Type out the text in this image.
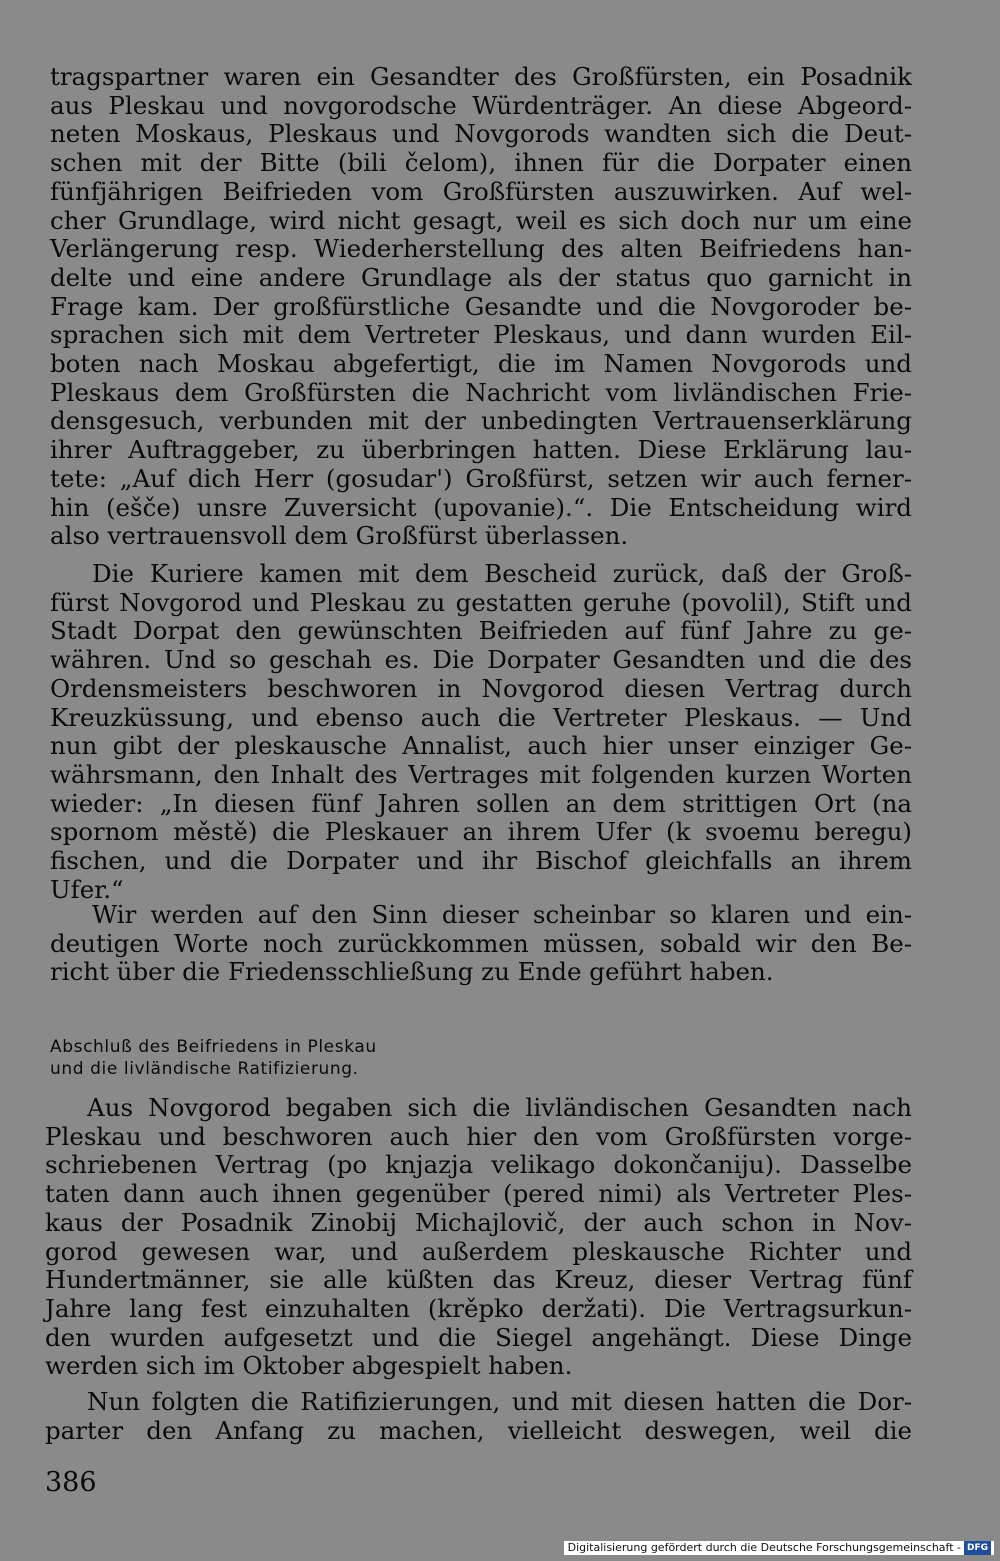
tragspartner waren ein Gesandter des Großfürsten, ein Posadnik
aus Pleskau und novgorodsche Würdenträger. An diese Abgeord-
neten Moskaus, Pleskaus und Novgorods wandten sich die Deut-
schen mit der Bitte (bili čelom), ihnen für die Dorpater einen
fünfjährigen Beifrieden vom Großfürsten auszuwirken. Auf wel-
cher Grundlage, wird nicht gesagt, weil es sich doch nur um eine
Verlängerung resp. Wiederherstellung des alten Beifriedens han-
delte und eine andere Grundlage als der status quo garnicht in
Frage kam. Der großfürstliche Gesandte und die Novgoroder be-
sprachen sich mit dem Vertreter Pleskaus, und dann wurden Eil-
boten nach Moskau abgefertigt, die im Namen Novgorods und
Pleskaus dem Großfürsten die Nachricht vom livländischen Frie-
densgesuch, verbunden mit der unbedingten Vertrauenserklärung
ihrer Auftraggeber, zu überbringen hatten. Diese Erklärung lau-
tete: „Auf dich Herr (gosudar') Großfürst, setzen wir auch ferner-
hin (ešče) unsre Zuversicht (upovanie).“. Die Entscheidung wird
also vertrauensvoll dem Großfürst überlassen.

Die Kuriere kamen mit dem Bescheid zurück, daß der Groß-
fürst Novgorod und Pleskau zu gestatten geruhe (povolil), Stift und
Stadt Dorpat den gewünschten Beifrieden auf fünf Jahre zu ge-
währen. Und so geschah es. Die Dorpater Gesandten und die des
Ordensmeisters beschworen in Novgorod diesen Vertrag durch
Kreuzküssung, und ebenso auch die Vertreter Pleskaus. — Und
nun gibt der pleskausche Annalist, auch hier unser einziger Ge-
währsmann, den Inhalt des Vertrages mit folgenden kurzen Worten
wieder: „In diesen fünf Jahren sollen an dem strittigen Ort (na
spornom městě) die Pleskauer an ihrem Ufer (k svoemu beregu)
fischen, und die Dorpater und ihr Bischof gleichfalls an ihrem
Ufer.“

Wir werden auf den Sinn dieser scheinbar so klaren und ein-
deutigen Worte noch zurückkommen müssen, sobald wir den Be-
richt über die Friedensschließung zu Ende geführt haben.

Abschluß des Beifriedens in Pleskau
und die livländische Ratifizierung.

Aus Novgorod begaben sich die livländischen Gesandten nach
Pleskau und beschworen auch hier den vom Großfürsten vorge-
schriebenen Vertrag (po knjazja velikago dokončaniju). Dasselbe
taten dann auch ihnen gegenüber (pered nimi) als Vertreter Ples-
kaus der Posadnik Zinobij Michajlovič, der auch schon in Nov-
gorod gewesen war, und außerdem pleskausche Richter und
Hundertmänner, sie alle küßten das Kreuz, dieser Vertrag fünf
Jahre lang fest einzuhalten (krěpko deržati). Die Vertragsurkun-
den wurden aufgesetzt und die Siegel angehängt. Diese Dinge
werden sich im Oktober abgespielt haben.

Nun folgten die Ratifizierungen, und mit diesen hatten die Dor-
parter den Anfang zu machen, vielleicht deswegen, weil die

386
Digitalisierung gefördert durch die Deutsche Forschungsgemeinschaft - DFG
